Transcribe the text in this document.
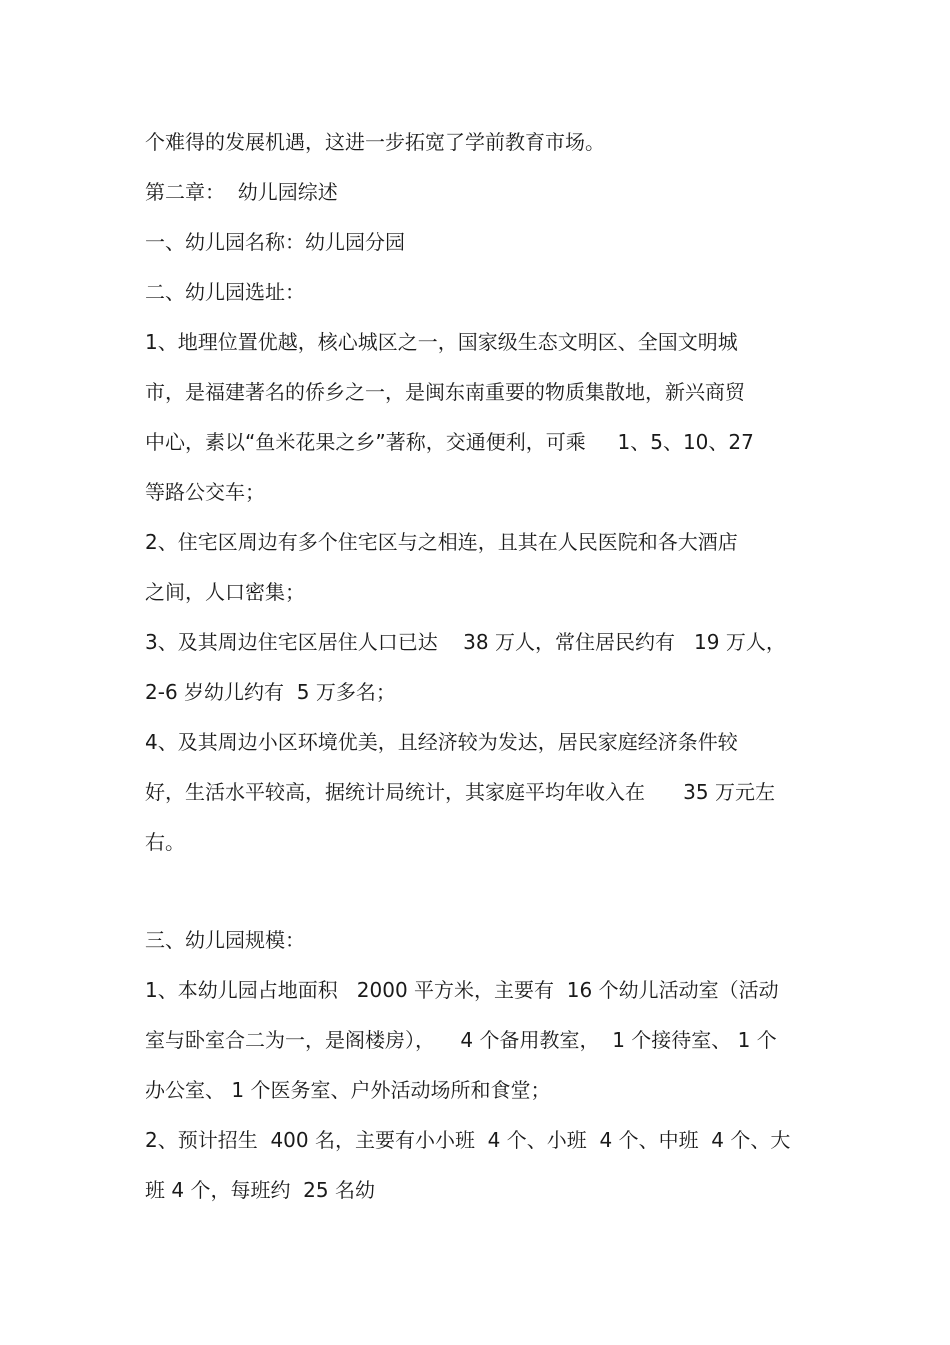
个难得的发展机遇，这进一步拓宽了学前教育市场。
第二章：  幼儿园综述
一、幼儿园名称：幼儿园分园
二、幼儿园选址：
1、地理位置优越，核心城区之一，国家级生态文明区、全国文明城
市，是福建著名的侨乡之一，是闽东南重要的物质集散地，新兴商贸
中心，素以“鱼米花果之乡”著称，交通便利，可乘     1、5、10、27
等路公交车；
2、住宅区周边有多个住宅区与之相连，且其在人民医院和各大酒店
之间，人口密集；
3、及其周边住宅区居住人口已达    38 万人，常住居民约有   19 万人，
2-6 岁幼儿约有  5 万多名；
4、及其周边小区环境优美，且经济较为发达，居民家庭经济条件较
好，生活水平较高，据统计局统计，其家庭平均年收入在      35 万元左
右。
三、幼儿园规模：
1、本幼儿园占地面积   2000 平方米，主要有  16 个幼儿活动室（活动
室与卧室合二为一，是阁楼房），    4 个备用教室，  1 个接待室、 1 个
办公室、 1 个医务室、户外活动场所和食堂；
2、预计招生  400 名，主要有小小班  4 个、小班  4 个、中班  4 个、大
班 4 个，每班约  25 名幼
